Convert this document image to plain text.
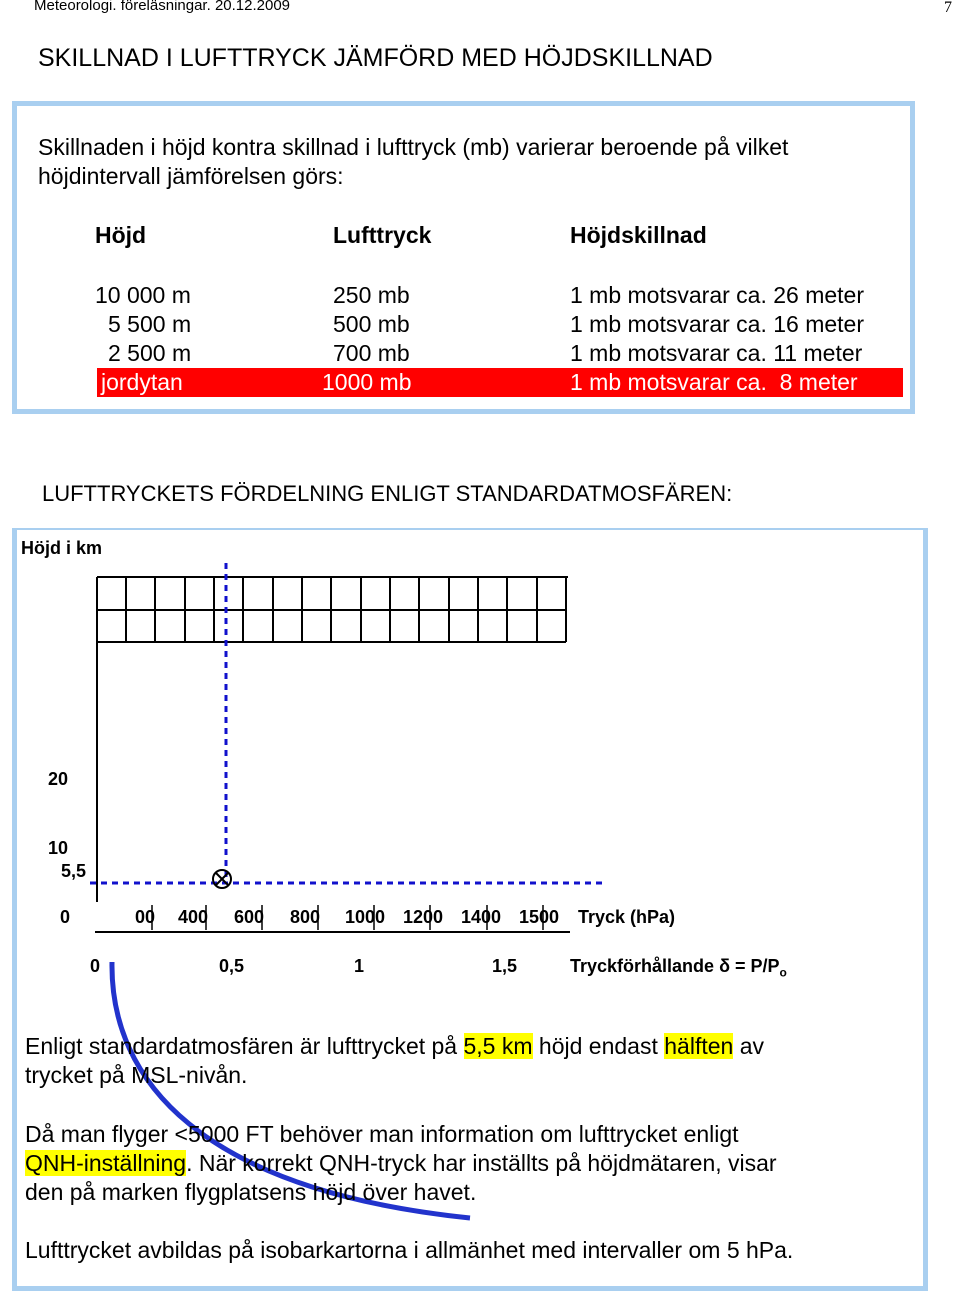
Meteorologi. föreläsningar. 20.12.2009	7
SKILLNAD I LUFTTRYCK JÄMFÖRD MED HÖJDSKILLNAD
Skillnaden i höjd kontra skillnad i lufttryck (mb) varierar beroende på vilket
höjdintervall jämförelsen görs:
Höjd	Lufttryck	Höjdskillnad
10 000 m	250 mb	1 mb motsvarar ca. 26 meter
5 500 m	500 mb	1 mb motsvarar ca. 16 meter
2 500 m	700 mb	1 mb motsvarar ca. 11 meter
jordytan	1000 mb	1 mb motsvarar ca.  8 meter
LUFTTRYCKETS FÖRDELNING ENLIGT STANDARDATMOSFÄREN:
Höjd i km
20
10
5,5
0	00 400 600 800 1000 1200 1400 1500 Tryck (hPa)
0	0,5	1	1,5	Tryckförhållande $\delta = P/P_o$
Enligt standardatmosfären är lufttrycket på 5,5 km höjd endast hälften av
trycket på MSL-nivån.
Då man flyger <5000 FT behöver man information om lufttrycket enligt
QNH-inställning. När korrekt QNH-tryck har inställts på höjdmätaren, visar
den på marken flygplatsens höjd över havet.
Lufttrycket avbildas på isobarkartorna i allmänhet med intervaller om 5 hPa.
